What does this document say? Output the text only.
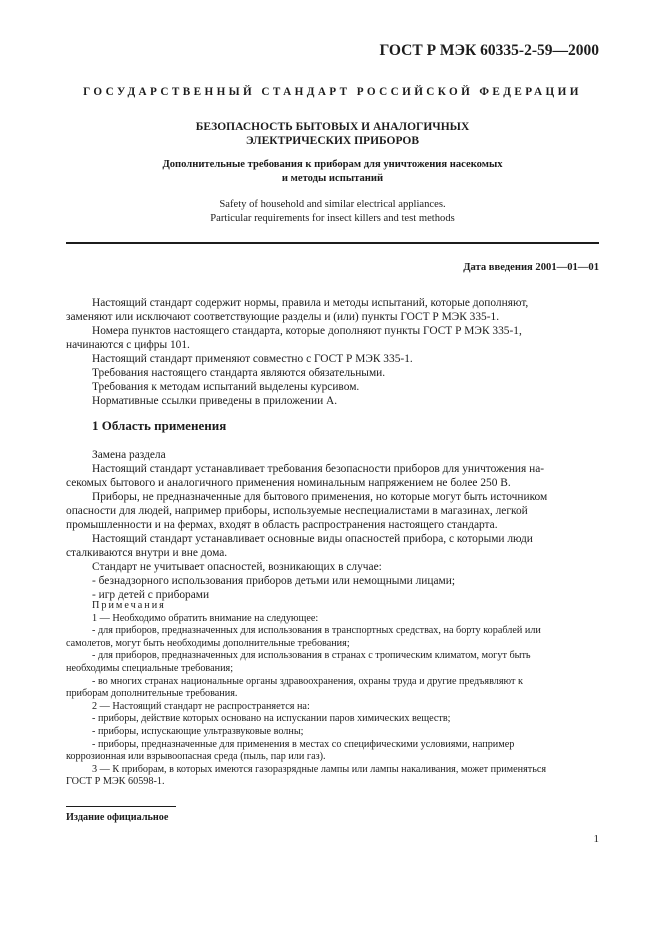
ГОСТ Р МЭК 60335-2-59—2000
ГОСУДАРСТВЕННЫЙ СТАНДАРТ РОССИЙСКОЙ ФЕДЕРАЦИИ
БЕЗОПАСНОСТЬ БЫТОВЫХ И АНАЛОГИЧНЫХ
ЭЛЕКТРИЧЕСКИХ ПРИБОРОВ
Дополнительные требования к приборам для уничтожения насекомых
и методы испытаний
Safety of household and similar electrical appliances.
Particular requirements for insect killers and test methods
Дата введения 2001—01—01

Настоящий стандарт содержит нормы, правила и методы испытаний, которые дополняют,

заменяют или исключают соответствующие разделы и (или) пункты ГОСТ Р МЭК 335-1.

Номера пунктов настоящего стандарта, которые дополняют пункты ГОСТ Р МЭК 335-1,

начинаются с цифры 101.

Настоящий стандарт применяют совместно с ГОСТ Р МЭК 335-1.

Требования настоящего стандарта являются обязательными.

Требования к методам испытаний выделены курсивом.

Нормативные ссылки приведены в приложении А.

1 Область применения

Замена раздела

Настоящий стандарт устанавливает требования безопасности приборов для уничтожения на-

секомых бытового и аналогичного применения номинальным напряжением не более 250 В.

Приборы, не предназначенные для бытового применения, но которые могут быть источником

опасности для людей, например приборы, используемые неспециалистами в магазинах, легкой

промышленности и на фермах, входят в область распространения настоящего стандарта.

Настоящий стандарт устанавливает основные виды опасностей прибора, с которыми люди

сталкиваются внутри и вне дома.

Стандарт не учитывает опасностей, возникающих в случае:

- безнадзорного использования приборов детьми или немощными лицами;

- игр детей с приборами

Примечания

1 — Необходимо обратить внимание на следующее:

- для приборов, предназначенных для использования в транспортных средствах, на борту кораблей или

самолетов, могут быть необходимы дополнительные требования;

- для приборов, предназначенных для использования в странах с тропическим климатом, могут быть

необходимы специальные требования;

- во многих странах национальные органы здравоохранения, охраны труда и другие предъявляют к

приборам дополнительные требования.

2 — Настоящий стандарт не распространяется на:

- приборы, действие которых основано на испускании паров химических веществ;

- приборы, испускающие ультразвуковые волны;

- приборы, предназначенные для применения в местах со специфическими условиями, например

коррозионная или взрывоопасная среда (пыль, пар или газ).

3 — К приборам, в которых имеются газоразрядные лампы или лампы накаливания, может применяться

ГОСТ Р МЭК 60598-1.

Издание официальное
1
